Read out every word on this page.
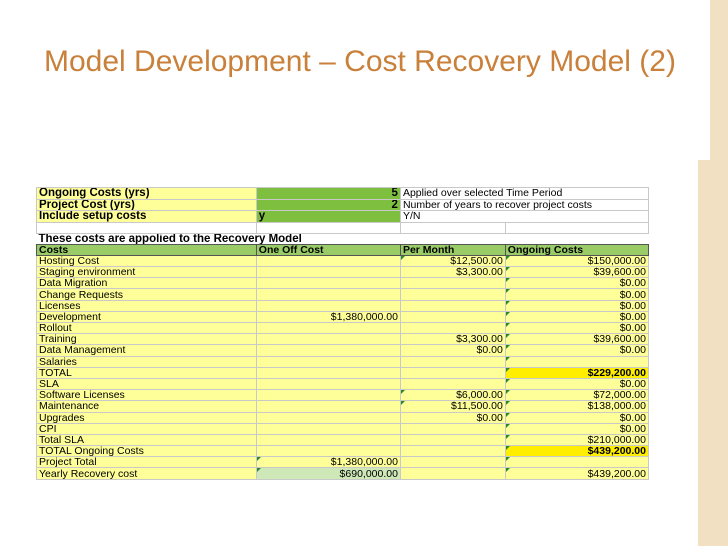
Model Development – Cost Recovery Model (2)
Ongoing Costs (yrs)	5	Applied over selected Time Period	
Project Cost (yrs)	2	Number of years to recover project costs	
Include setup costs	y	Y/N	

These costs are appolied to the Recovery Model			
Costs	One Off Cost	Per Month	Ongoing Costs
Hosting Cost		$12,500.00	$150,000.00
Staging environment		$3,300.00	$39,600.00
Data Migration			$0.00
Change Requests			$0.00
Licenses			$0.00
Development	$1,380,000.00		$0.00
Rollout			$0.00
Training		$3,300.00	$39,600.00
Data Management		$0.00	$0.00
Salaries			
TOTAL			$229,200.00
SLA			$0.00
Software Licenses		$6,000.00	$72,000.00
Maintenance		$11,500.00	$138,000.00
Upgrades		$0.00	$0.00
CPI			$0.00
Total SLA			$210,000.00
TOTAL Ongoing Costs			$439,200.00
Project Total	$1,380,000.00		
Yearly Recovery cost	$690,000.00		$439,200.00
